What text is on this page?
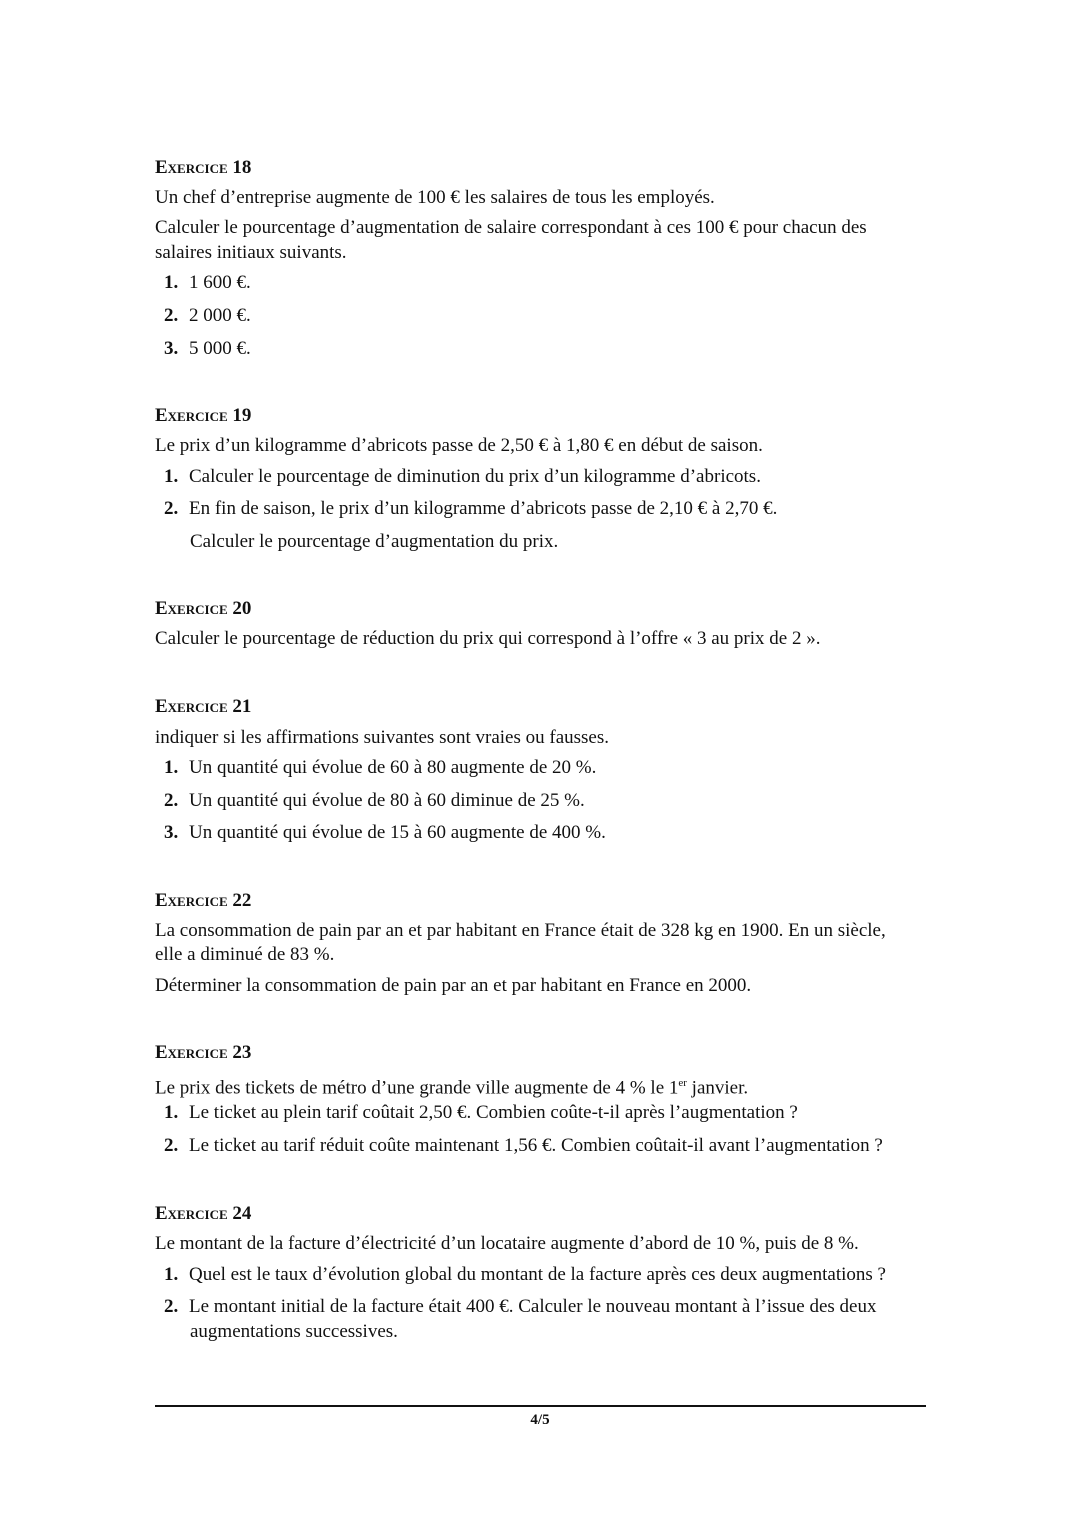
Exercice 18
Un chef d’entreprise augmente de 100 € les salaires de tous les employés.
Calculer le pourcentage d’augmentation de salaire correspondant à ces 100 € pour chacun des
salaires initiaux suivants.
1. 1 600 €.
2. 2 000 €.
3. 5 000 €.
Exercice 19
Le prix d’un kilogramme d’abricots passe de 2,50 € à 1,80 € en début de saison.
1. Calculer le pourcentage de diminution du prix d’un kilogramme d’abricots.
2. En fin de saison, le prix d’un kilogramme d’abricots passe de 2,10 € à 2,70 €.
Calculer le pourcentage d’augmentation du prix.
Exercice 20
Calculer le pourcentage de réduction du prix qui correspond à l’offre « 3 au prix de 2 ».
Exercice 21
indiquer si les affirmations suivantes sont vraies ou fausses.
1. Un quantité qui évolue de 60 à 80 augmente de 20 %.
2. Un quantité qui évolue de 80 à 60 diminue de 25 %.
3. Un quantité qui évolue de 15 à 60 augmente de 400 %.
Exercice 22
La consommation de pain par an et par habitant en France était de 328 kg en 1900. En un siècle,
elle a diminué de 83 %.
Déterminer la consommation de pain par an et par habitant en France en 2000.
Exercice 23
Le prix des tickets de métro d’une grande ville augmente de 4 % le 1er janvier.
1. Le ticket au plein tarif coûtait 2,50 €. Combien coûte-t-il après l’augmentation ?
2. Le ticket au tarif réduit coûte maintenant 1,56 €. Combien coûtait-il avant l’augmentation ?
Exercice 24
Le montant de la facture d’électricité d’un locataire augmente d’abord de 10 %, puis de 8 %.
1. Quel est le taux d’évolution global du montant de la facture après ces deux augmentations ?
2. Le montant initial de la facture était 400 €. Calculer le nouveau montant à l’issue des deux
augmentations successives.
4/5
